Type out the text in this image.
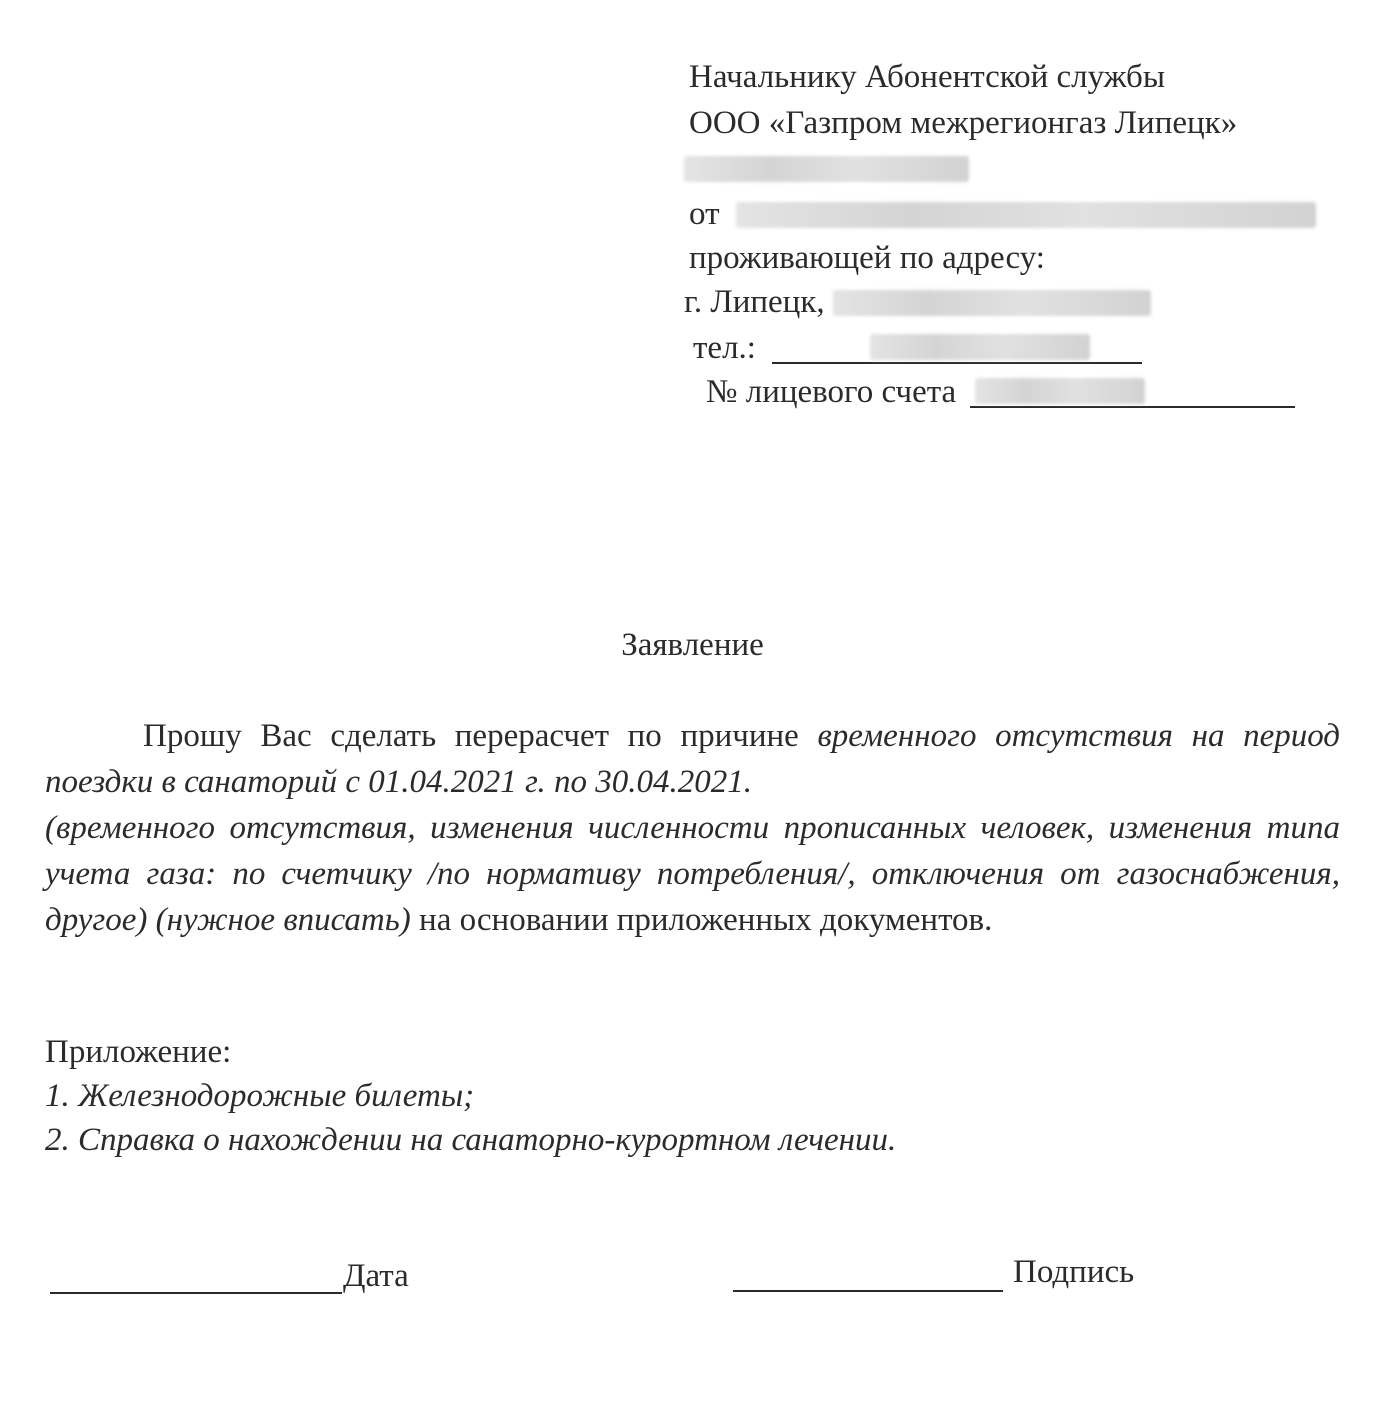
Начальнику Абонентской службы
ООО «Газпром межрегионгаз Липецк»
от
проживающей по адресу:
г. Липецк,
тел.:
№ лицевого счета
Заявление

Прошу Вас сделать перерасчет по причине временного отсутствия на период поездки в санаторий с 01.04.2021 г. по 30.04.2021.

(временного отсутствия, изменения численности прописанных человек, изменения типа учета газа: по счетчику /по нормативу потребления/, отключения от газоснабжения, другое) (нужное вписать) на основании приложенных документов.

Приложение:
1. Железнодорожные билеты;
2. Справка о нахождении на санаторно-курортном лечении.
Дата	Подпись
